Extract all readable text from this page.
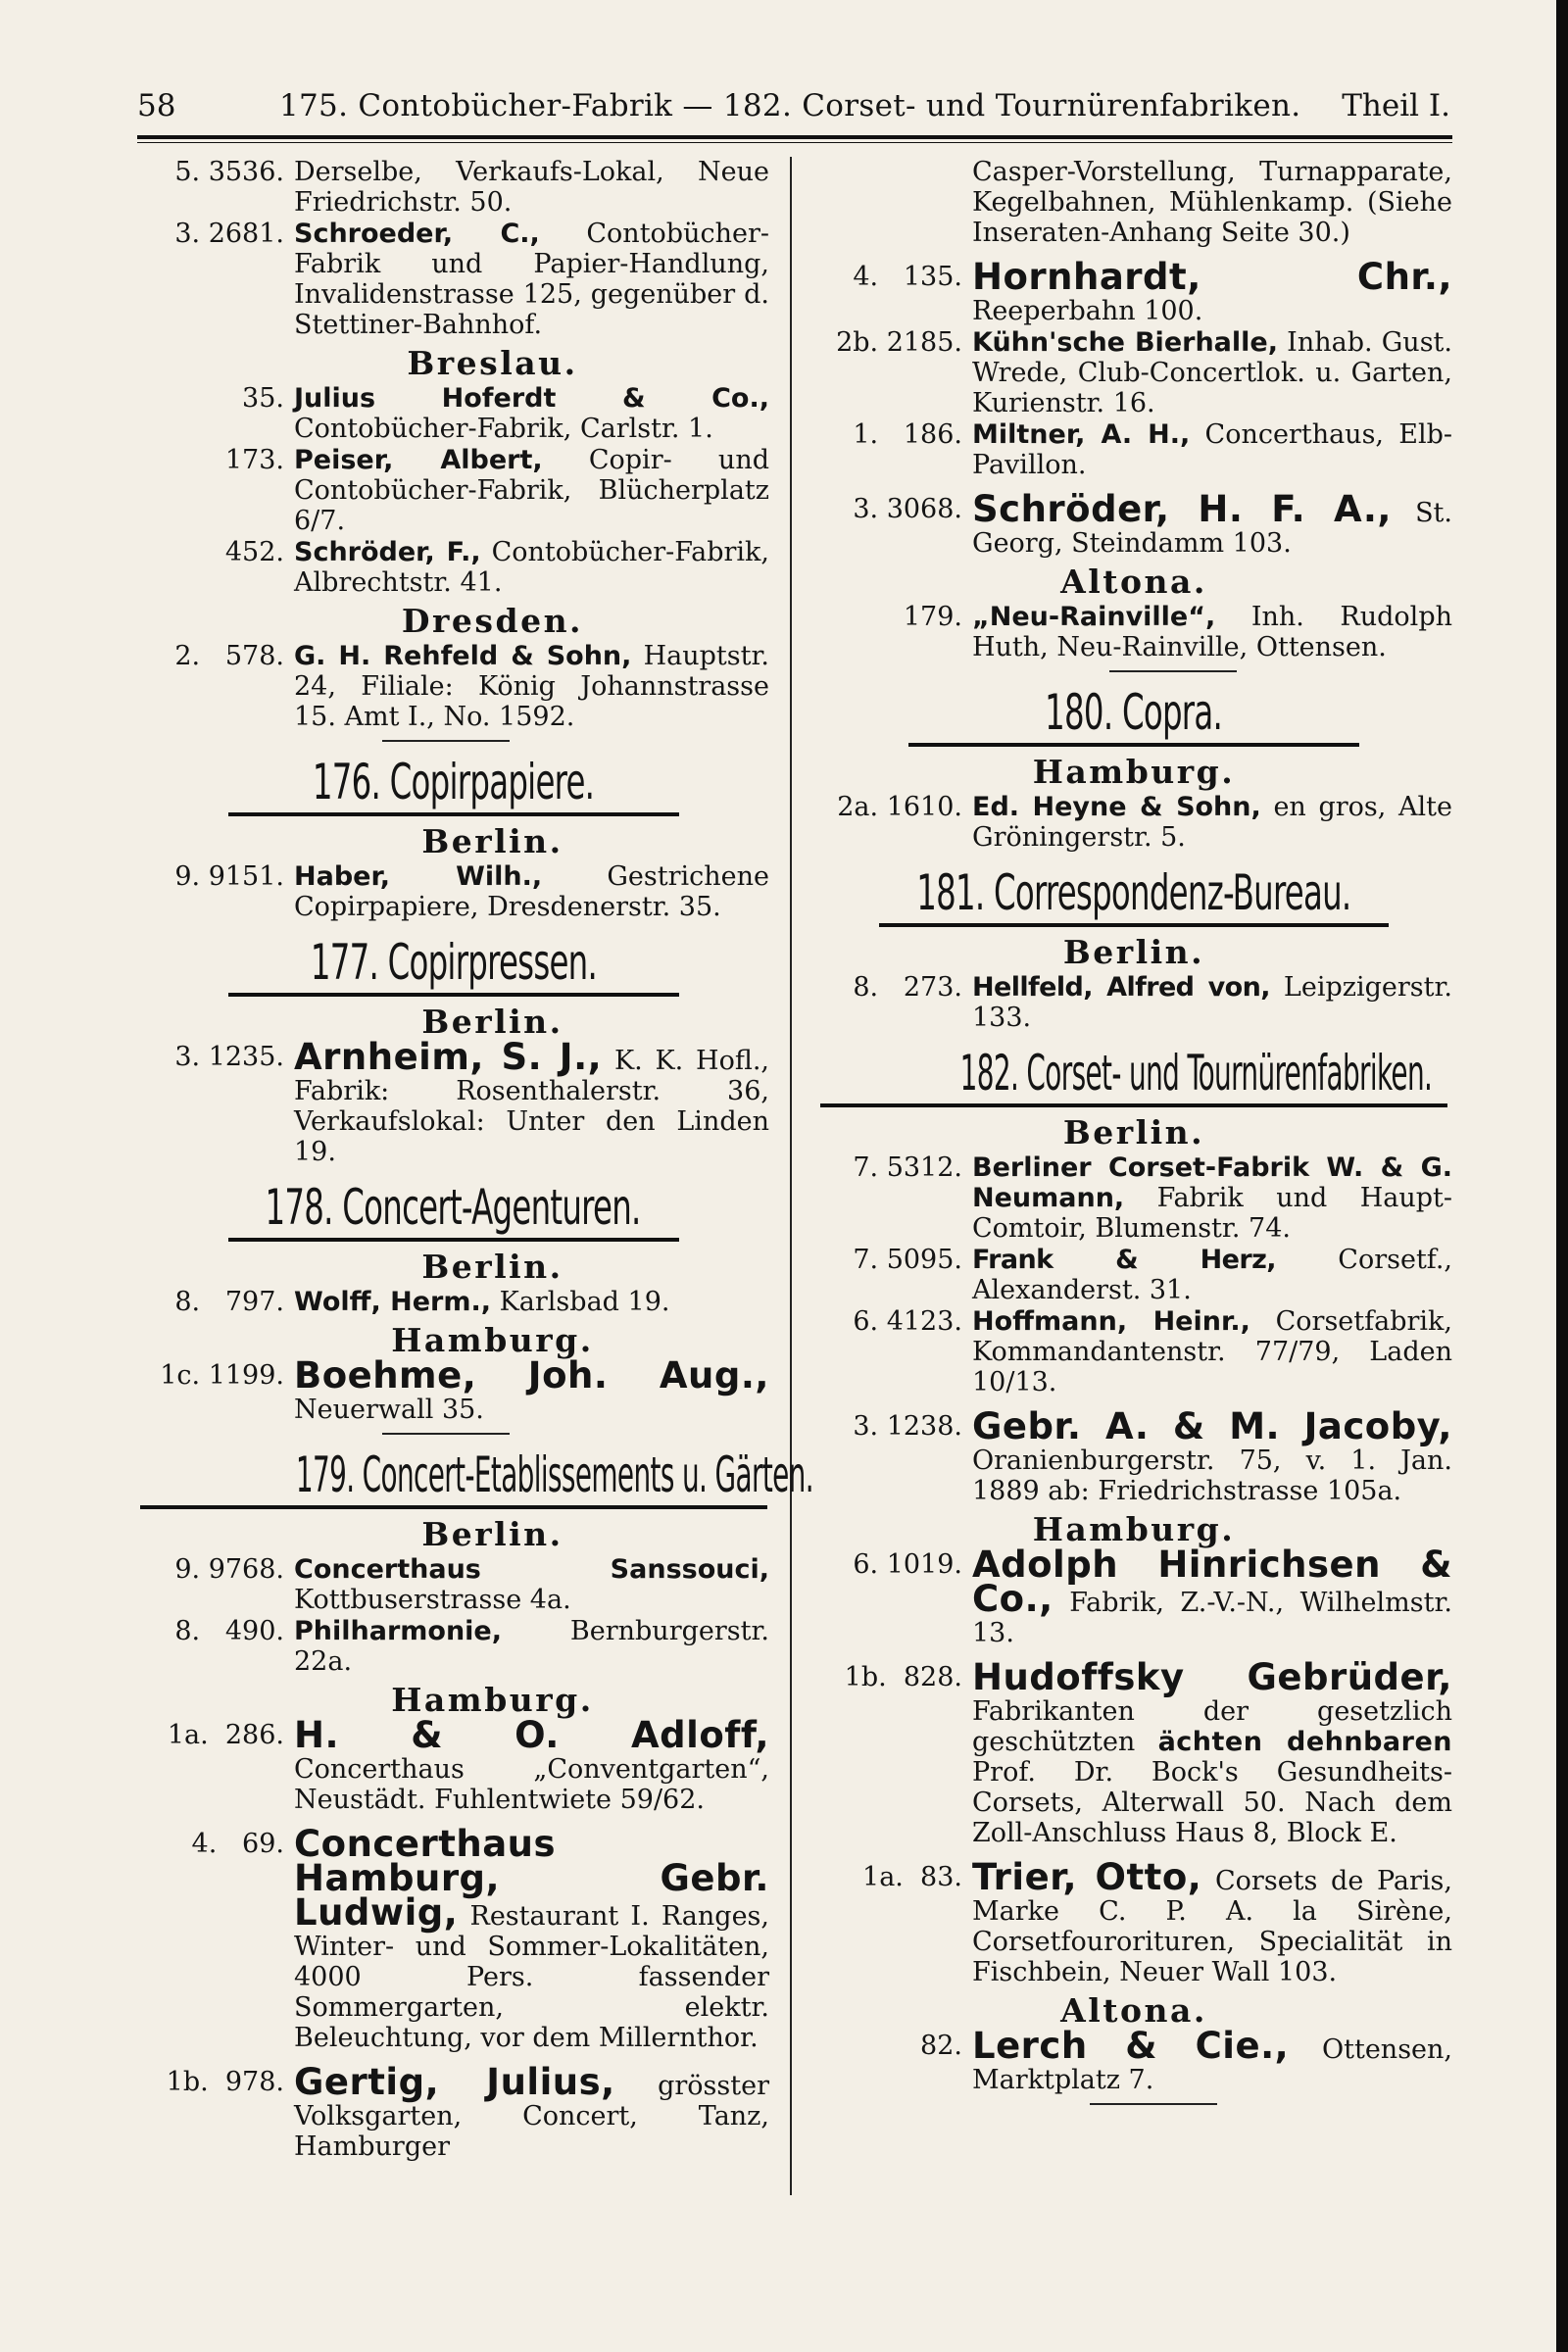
58	175. Contobücher-Fabrik — 182. Corset- und Tournürenfabriken. Theil I.

5. 3536. Derselbe, Verkaufs-Lokal, Neue Friedrichstr. 50.

3. 2681. Schroeder, C., Contobücher-Fabrik und Papier-Handlung, Invalidenstrasse 125, gegenüber d. Stettiner-Bahnhof.

Breslau.

35. Julius Hoferdt & Co., Contobücher-Fabrik, Carlstr. 1.

173. Peiser, Albert, Copir- und Contobücher-Fabrik, Blücherplatz 6/7.

452. Schröder, F., Contobücher-Fabrik, Albrechtstr. 41.

Dresden.

2.   578. G. H. Rehfeld & Sohn, Hauptstr. 24, Filiale: König Johannstrasse 15. Amt I., No. 1592.

176. Copirpapiere.
Berlin.

9. 9151. Haber, Wilh., Gestrichene Copirpapiere, Dresdenerstr. 35.

177. Copirpressen.
Berlin.

3. 1235. Arnheim, S. J., K. K. Hofl., Fabrik: Rosenthalerstr. 36, Verkaufslokal: Unter den Linden 19.

178. Concert-Agenturen.
Berlin.

8.   797. Wolff, Herm., Karlsbad 19.

Hamburg.

1c. 1199. Boehme, Joh. Aug., Neuerwall 35.

179. Concert-Etablissements u. Gärten.
Berlin.

9. 9768. Concerthaus Sanssouci, Kottbuserstrasse 4a.

8.   490. Philharmonie,	Bernburgerstr. 22a.

Hamburg.

1a.  286. H. & O. Adloff, Concerthaus „Conventgarten“, Neustädt. Fuhlentwiete 59/62.

4.   69. Concerthaus Hamburg, Gebr. Ludwig, Restaurant I. Ranges, Winter- und Sommer-Lokalitäten, 4000 Pers. fassender Sommergarten, elektr. Beleuchtung, vor dem Millernthor.

1b.  978. Gertig, Julius, grösster Volksgarten, Concert, Tanz, Hamburger

Casper-Vorstellung, Turnapparate, Kegelbahnen, Mühlenkamp. (Siehe Inseraten-Anhang Seite 30.)

4.   135. Hornhardt, Chr., Reeperbahn 100.

2b. 2185. Kühn'sche Bierhalle, Inhab. Gust. Wrede, Club-Concertlok. u. Garten, Kurienstr. 16.

1.   186. Miltner, A. H., Concerthaus, Elb-Pavillon.

3. 3068. Schröder, H. F. A., St. Georg, Steindamm 103.

Altona.

179. „Neu-Rainville“, Inh. Rudolph Huth, Neu-Rainville, Ottensen.

180. Copra.
Hamburg.

2a. 1610. Ed. Heyne & Sohn, en gros, Alte Gröningerstr. 5.

181. Correspondenz-Bureau.
Berlin.

8.   273. Hellfeld, Alfred von, Leipzigerstr. 133.

182. Corset- und Tournürenfabriken.
Berlin.

7. 5312. Berliner Corset-Fabrik W. & G. Neumann, Fabrik und Haupt-Comtoir, Blumenstr. 74.

7. 5095. Frank & Herz, Corsetf., Alexanderst. 31.

6. 4123. Hoffmann, Heinr., Corsetfabrik, Kommandantenstr. 77/79, Laden 10/13.

3. 1238. Gebr. A. & M. Jacoby, Oranienburgerstr. 75, v. 1. Jan. 1889 ab: Friedrichstrasse 105a.

Hamburg.

6. 1019. Adolph Hinrichsen & Co., Fabrik, Z.-V.-N., Wilhelmstr. 13.

1b.  828. Hudoffsky Gebrüder, Fabrikanten der gesetzlich geschützten ächten dehnbaren Prof. Dr. Bock's Gesundheits-Corsets, Alterwall 50. Nach dem Zoll-Anschluss Haus 8, Block E.

1a.  83. Trier, Otto, Corsets de Paris, Marke C. P. A. la Sirène, Corsetfourorituren, Specialität in Fischbein, Neuer Wall 103.

Altona.

82. Lerch & Cie., Ottensen, Marktplatz 7.
